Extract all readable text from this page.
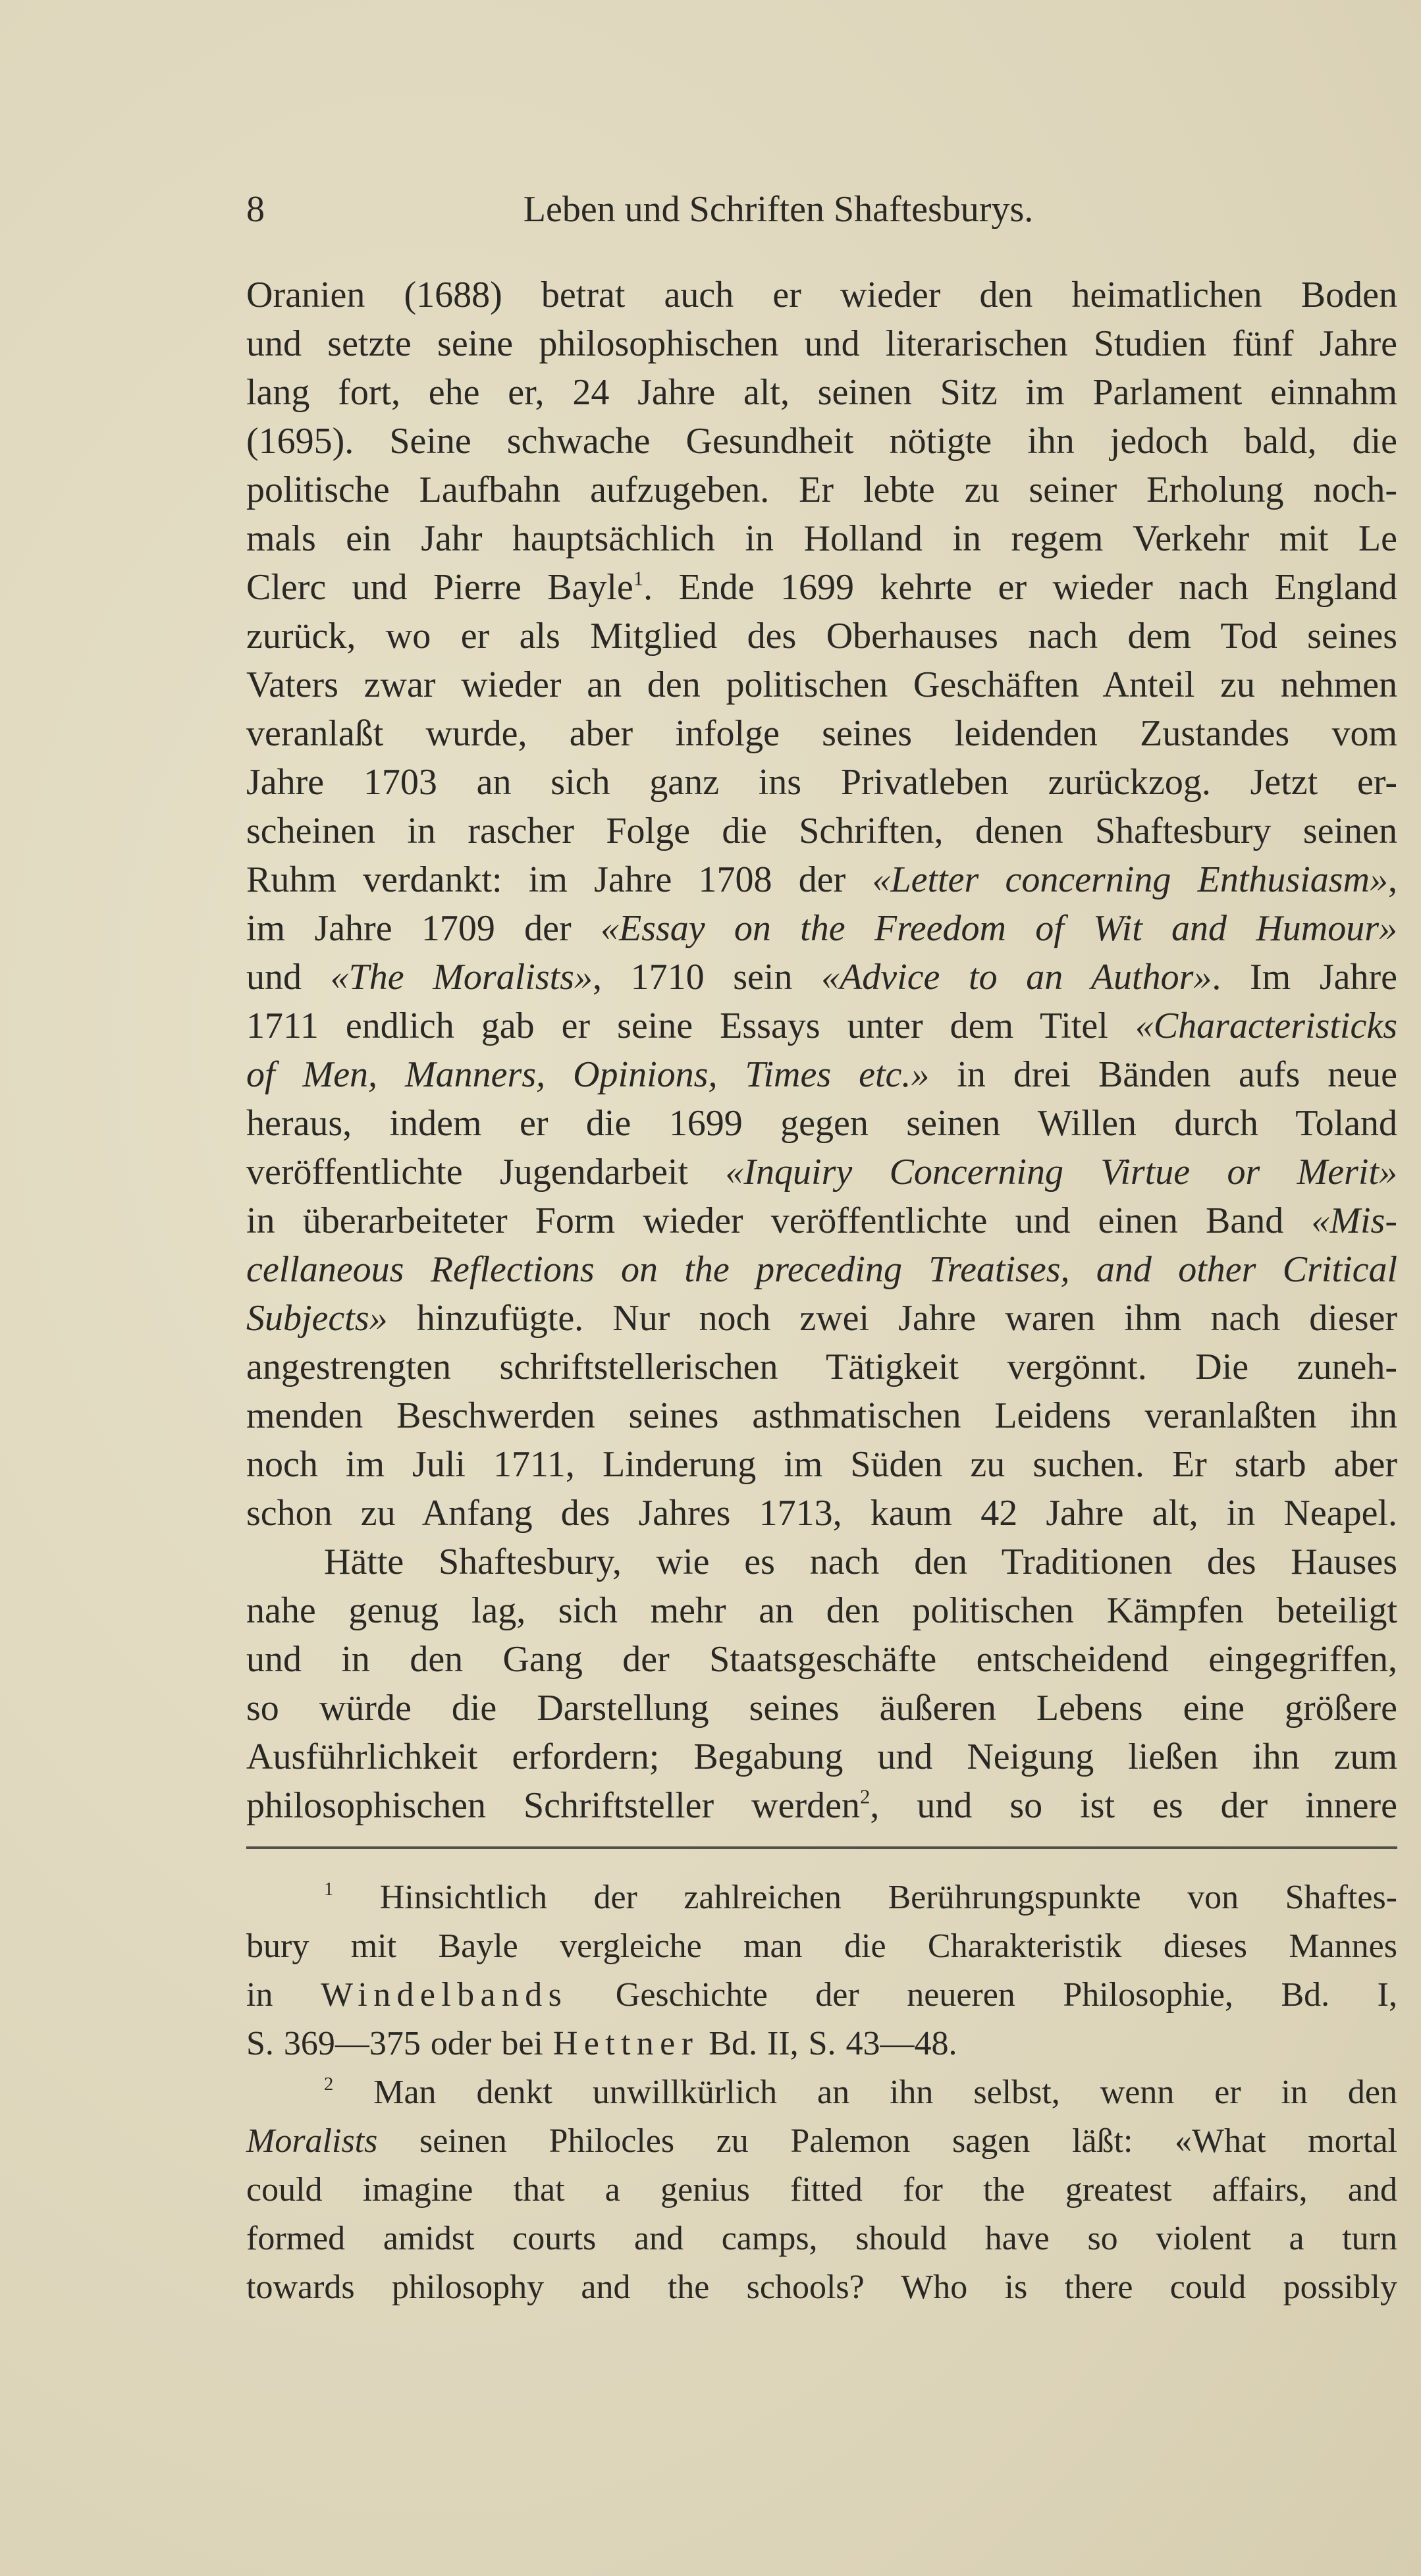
8	Leben und Schriften Shaftesburys.
Oranien (1688) betrat auch er wieder den heimatlichen Boden
und setzte seine philosophischen und literarischen Studien fünf Jahre
lang fort, ehe er, 24 Jahre alt, seinen Sitz im Parlament einnahm
(1695). Seine schwache Gesundheit nötigte ihn jedoch bald, die
politische Laufbahn aufzugeben. Er lebte zu seiner Erholung noch-
mals ein Jahr hauptsächlich in Holland in regem Verkehr mit Le
Clerc und Pierre Bayle$^1$. Ende 1699 kehrte er wieder nach England
zurück, wo er als Mitglied des Oberhauses nach dem Tod seines
Vaters zwar wieder an den politischen Geschäften Anteil zu nehmen
veranlaßt wurde, aber infolge seines leidenden Zustandes vom
Jahre 1703 an sich ganz ins Privatleben zurückzog. Jetzt er-
scheinen in rascher Folge die Schriften, denen Shaftesbury seinen
Ruhm verdankt: im Jahre 1708 der «Letter concerning Enthusiasm»,
im Jahre 1709 der «Essay on the Freedom of Wit and Humour»
und «The Moralists», 1710 sein «Advice to an Author». Im Jahre
1711 endlich gab er seine Essays unter dem Titel «Characteristicks
of Men, Manners, Opinions, Times etc.» in drei Bänden aufs neue
heraus, indem er die 1699 gegen seinen Willen durch Toland
veröffentlichte Jugendarbeit «Inquiry Concerning Virtue or Merit»
in überarbeiteter Form wieder veröffentlichte und einen Band «Mis-
cellaneous Reflections on the preceding Treatises, and other Critical
Subjects» hinzufügte. Nur noch zwei Jahre waren ihm nach dieser
angestrengten schriftstellerischen Tätigkeit vergönnt. Die zuneh-
menden Beschwerden seines asthmatischen Leidens veranlaßten ihn
noch im Juli 1711, Linderung im Süden zu suchen. Er starb aber
schon zu Anfang des Jahres 1713, kaum 42 Jahre alt, in Neapel.
Hätte Shaftesbury, wie es nach den Traditionen des Hauses
nahe genug lag, sich mehr an den politischen Kämpfen beteiligt
und in den Gang der Staatsgeschäfte entscheidend eingegriffen,
so würde die Darstellung seines äußeren Lebens eine größere
Ausführlichkeit erfordern; Begabung und Neigung ließen ihn zum
philosophischen Schriftsteller werden$^2$, und so ist es der innere
$^1$ Hinsichtlich der zahlreichen Berührungspunkte von Shaftes-
bury mit Bayle vergleiche man die Charakteristik dieses Mannes
in Windelbands Geschichte der neueren Philosophie, Bd. I,
S. 369—375 oder bei Hettner Bd. II, S. 43—48.
$^2$ Man denkt unwillkürlich an ihn selbst, wenn er in den
Moralists seinen Philocles zu Palemon sagen läßt: «What mortal
could imagine that a genius fitted for the greatest affairs, and
formed amidst courts and camps, should have so violent a turn
towards philosophy and the schools? Who is there could possibly
